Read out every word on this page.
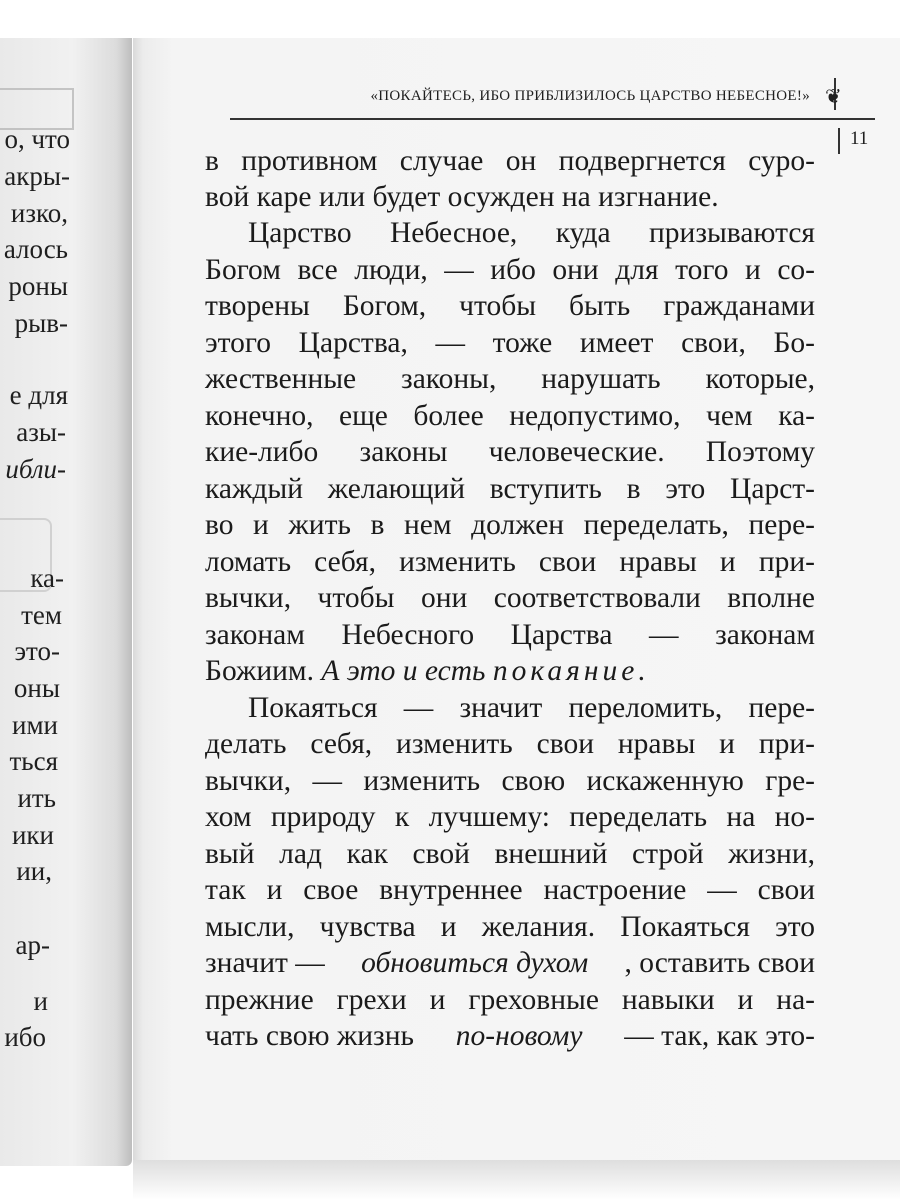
о, что
акры-
изко,
алось
роны
рыв-
е для
азы-
ибли-
ка-
тем
это-
оны
ими
ться
ить
ики
ии,
ар-
и
ибо
«ПОКАЙТЕСЬ, ИБО ПРИБЛИЗИЛОСЬ ЦАРСТВО НЕБЕСНОЕ!» ❦
11
в противном случае он подвергнется суро-
вой каре или будет осужден на изгнание.
Царство Небесное, куда призываются
Богом все люди, — ибо они для того и со-
творены Богом, чтобы быть гражданами
этого Царства, — тоже имеет свои, Бо-
жественные законы, нарушать которые,
конечно, еще более недопустимо, чем ка-
кие-либо законы человеческие. Поэтому
каждый желающий вступить в это Царст-
во и жить в нем должен переделать, пере-
ломать себя, изменить свои нравы и при-
вычки, чтобы они соответствовали вполне
законам Небесного Царства — законам
Божиим. А это и есть покаяние.
Покаяться — значит переломить, пере-
делать себя, изменить свои нравы и при-
вычки, — изменить свою искаженную гре-
хом природу к лучшему: переделать на но-
вый лад как свой внешний строй жизни,
так и свое внутреннее настроение — свои
мысли, чувства и желания. Покаяться это
значит — обновиться духом , оставить свои
прежние грехи и греховные навыки и на-
чать свою жизнь по-новому — так, как это-
